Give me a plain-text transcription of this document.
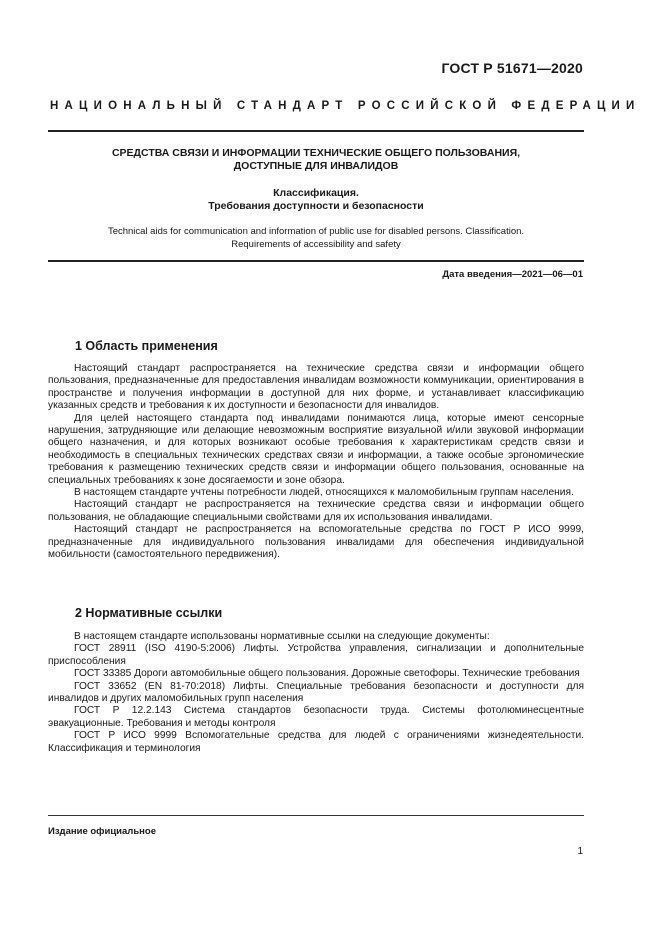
ГОСТ Р 51671—2020
НАЦИОНАЛЬНЫЙ СТАНДАРТ РОССИЙСКОЙ ФЕДЕРАЦИИ
СРЕДСТВА СВЯЗИ И ИНФОРМАЦИИ ТЕХНИЧЕСКИЕ ОБЩЕГО ПОЛЬЗОВАНИЯ,
ДОСТУПНЫЕ ДЛЯ ИНВАЛИДОВ
Классификация.
Требования доступности и безопасности
Technical aids for communication and information of public use for disabled persons. Classification.
Requirements of accessibility and safety
Дата введения—2021—06—01
1 Область применения

Настоящий стандарт распространяется на технические средства связи и информации общего пользования, предназначенные для предоставления инвалидам возможности коммуникации, ориентирования в пространстве и получения информации в доступной для них форме, и устанавливает классификацию указанных средств и требования к их доступности и безопасности для инвалидов.

Для целей настоящего стандарта под инвалидами понимаются лица, которые имеют сенсорные нарушения, затрудняющие или делающие невозможным восприятие визуальной и/или звуковой информации общего назначения, и для которых возникают особые требования к характеристикам средств связи и необходимость в специальных технических средствах связи и информации, а также особые эргономические требования к размещению технических средств связи и информации общего пользования, основанные на специальных требованиях к зоне досягаемости и зоне обзора.

В настоящем стандарте учтены потребности людей, относящихся к маломобильным группам населения.

Настоящий стандарт не распространяется на технические средства связи и информации общего пользования, не обладающие специальными свойствами для их использования инвалидами.

Настоящий стандарт не распространяется на вспомогательные средства по ГОСТ Р ИСО 9999, предназначенные для индивидуального пользования инвалидами для обеспечения индивидуальной мобильности (самостоятельного передвижения).

2 Нормативные ссылки

В настоящем стандарте использованы нормативные ссылки на следующие документы:

ГОСТ 28911 (ISO 4190-5:2006) Лифты. Устройства управления, сигнализации и дополнительные приспособления

ГОСТ 33385 Дороги автомобильные общего пользования. Дорожные светофоры. Технические требования

ГОСТ 33652 (EN 81-70:2018) Лифты. Специальные требования безопасности и доступности для инвалидов и других маломобильных групп населения

ГОСТ Р 12.2.143 Система стандартов безопасности труда. Системы фотолюминесцентные эвакуационные. Требования и методы контроля

ГОСТ Р ИСО 9999 Вспомогательные средства для людей с ограничениями жизнедеятельности. Классификация и терминология

Издание официальное
1
